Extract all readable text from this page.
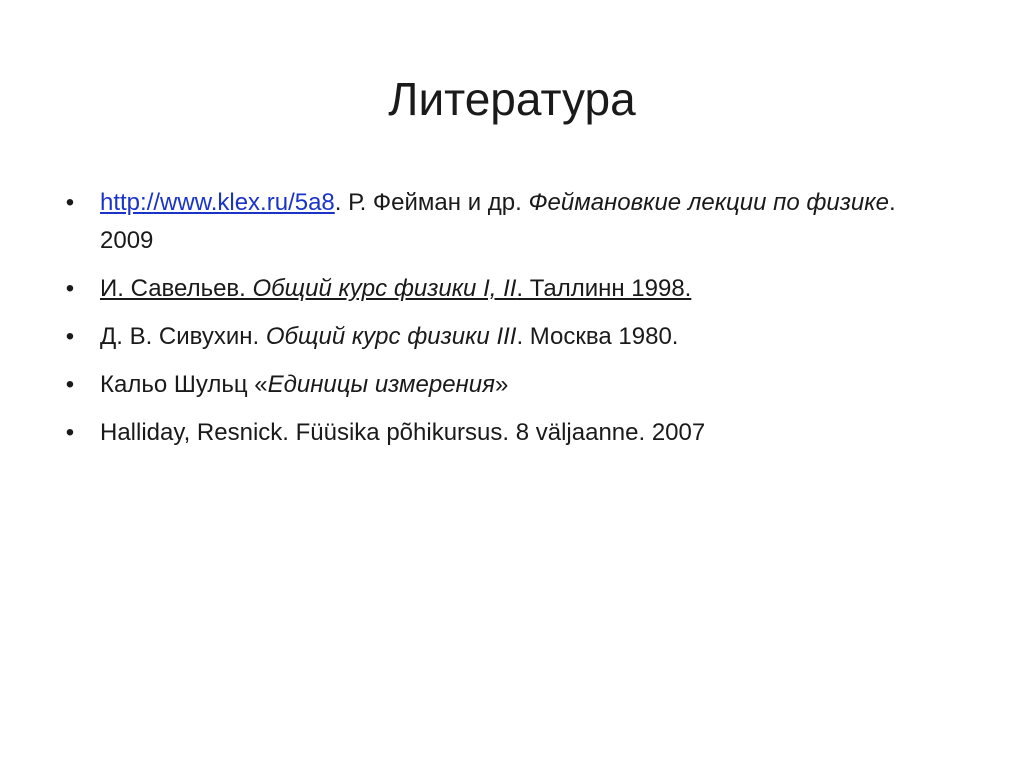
Литература
• http://www.klex.ru/5a8. Р. Фейман и др. Феймановкие лекции по физике. 2009
• И. Савельев. Общий курс физики I, II. Таллинн 1998.
• Д. В. Сивухин. Общий курс физики III. Москва 1980.
• Кальо Шульц «Единицы измерения»
• Halliday, Resnick. Füüsika põhikursus. 8 väljaanne. 2007
